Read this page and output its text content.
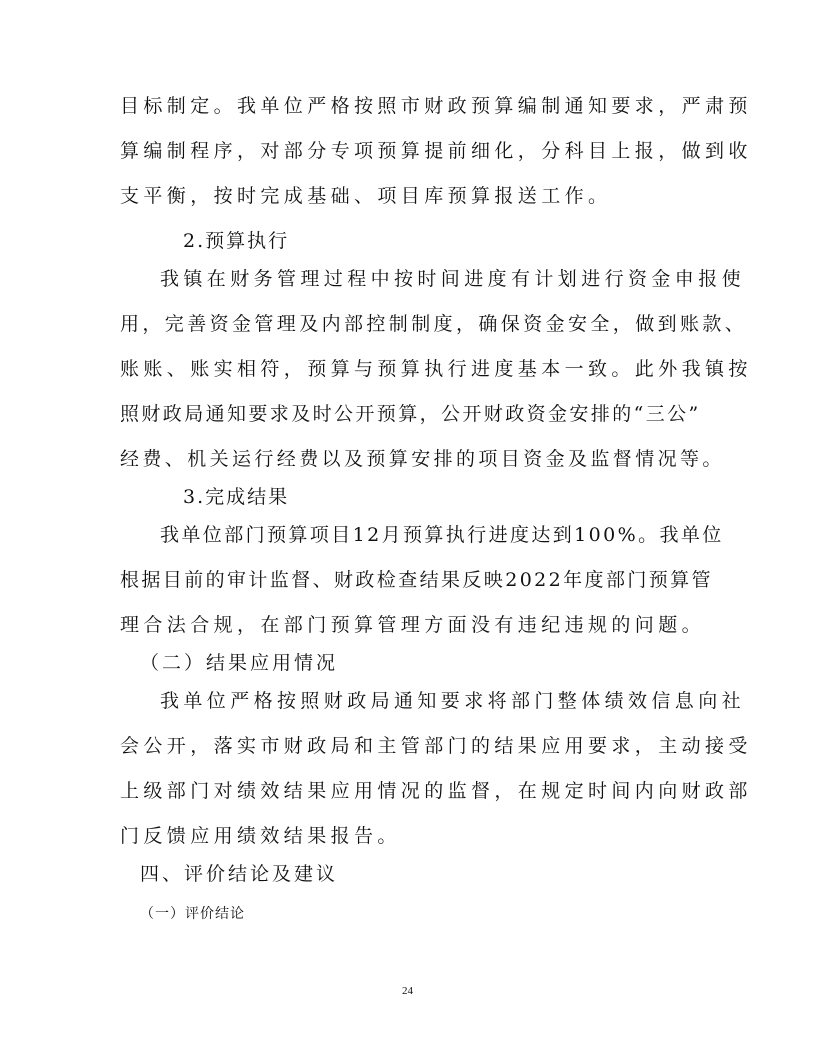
目标制定。我单位严格按照市财政预算编制通知要求，严肃预
算编制程序，对部分专项预算提前细化，分科目上报，做到收
支平衡，按时完成基础、项目库预算报送工作。
2.预算执行
我镇在财务管理过程中按时间进度有计划进行资金申报使
用，完善资金管理及内部控制制度，确保资金安全，做到账款、
账账、账实相符，预算与预算执行进度基本一致。此外我镇按
照财政局通知要求及时公开预算，公开财政资金安排的“三公”
经费、机关运行经费以及预算安排的项目资金及监督情况等。
3.完成结果
我单位部门预算项目12月预算执行进度达到100%。我单位
根据目前的审计监督、财政检查结果反映2022年度部门预算管
理合法合规，在部门预算管理方面没有违纪违规的问题。
（二）结果应用情况
我单位严格按照财政局通知要求将部门整体绩效信息向社
会公开，落实市财政局和主管部门的结果应用要求，主动接受
上级部门对绩效结果应用情况的监督，在规定时间内向财政部
门反馈应用绩效结果报告。
四、评价结论及建议
（一）评价结论
24
